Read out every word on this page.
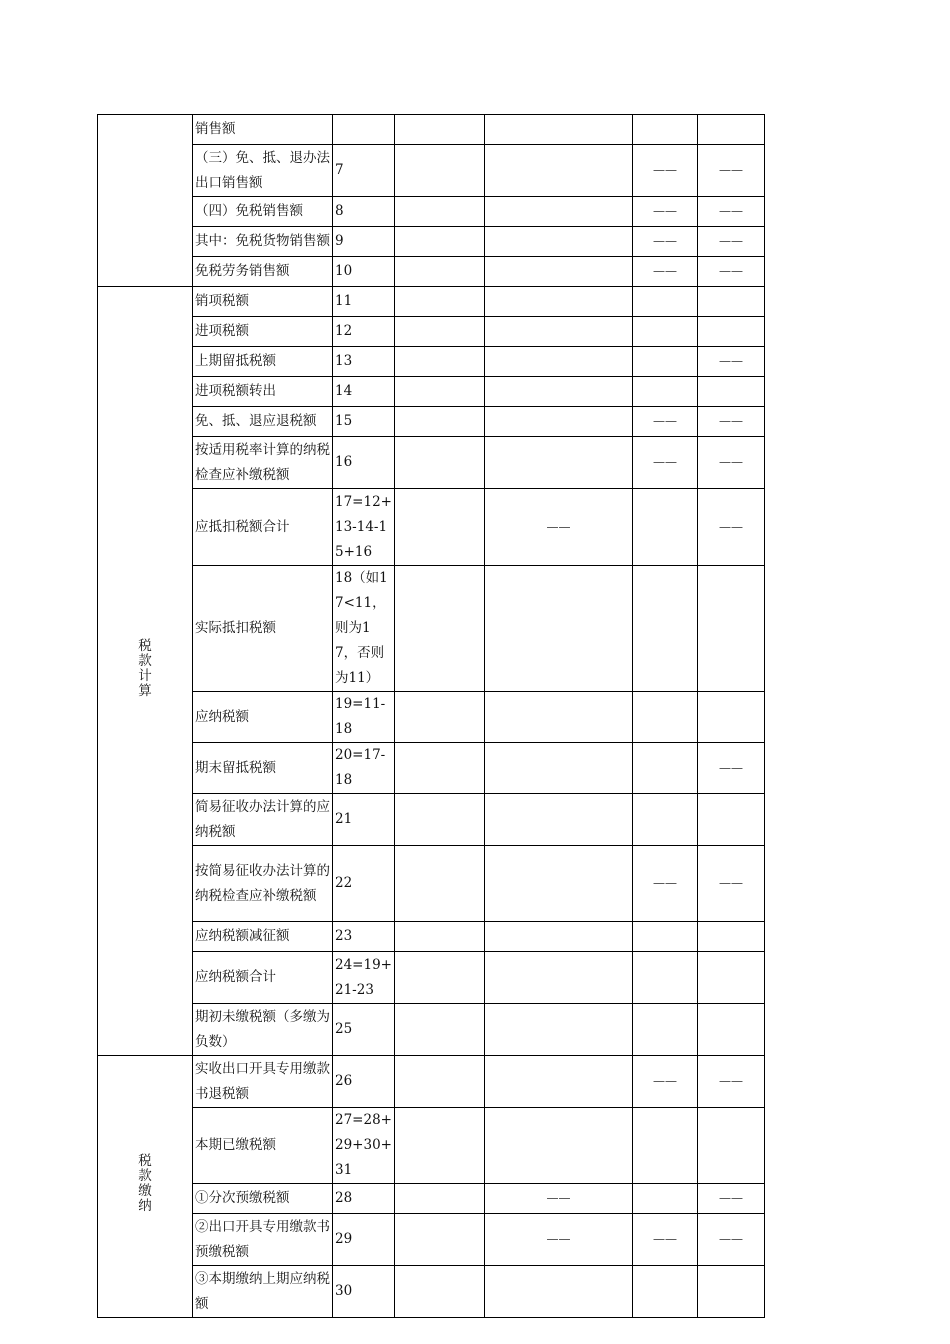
	销售额					
	（三）免、抵、退办法出口销售额	7			——	——
	（四）免税销售额	8			——	——
	其中：免税货物销售额	9			——	——
	免税劳务销售额	10			——	——
税款计算	销项税额	11				
	进项税额	12				
	上期留抵税额	13				——
	进项税额转出	14				
	免、抵、退应退税额	15			——	——
	按适用税率计算的纳税检查应补缴税额	16			——	——
	应抵扣税额合计	17=12+13-14-15+16		——		——
	实际抵扣税额	18（如17<11，则为17，否则为11）				
	应纳税额	19=11-18				
	期末留抵税额	20=17-18				——
	简易征收办法计算的应纳税额	21				
	按简易征收办法计算的纳税检查应补缴税额	22			——	——
	应纳税额减征额	23				
	应纳税额合计	24=19+21-23				
	期初未缴税额（多缴为负数）	25				
税款缴纳	实收出口开具专用缴款书退税额	26			——	——
	本期已缴税额	27=28+29+30+31				
	①分次预缴税额	28		——		——
	②出口开具专用缴款书预缴税额	29		——	——	——
	③本期缴纳上期应纳税额	30				
